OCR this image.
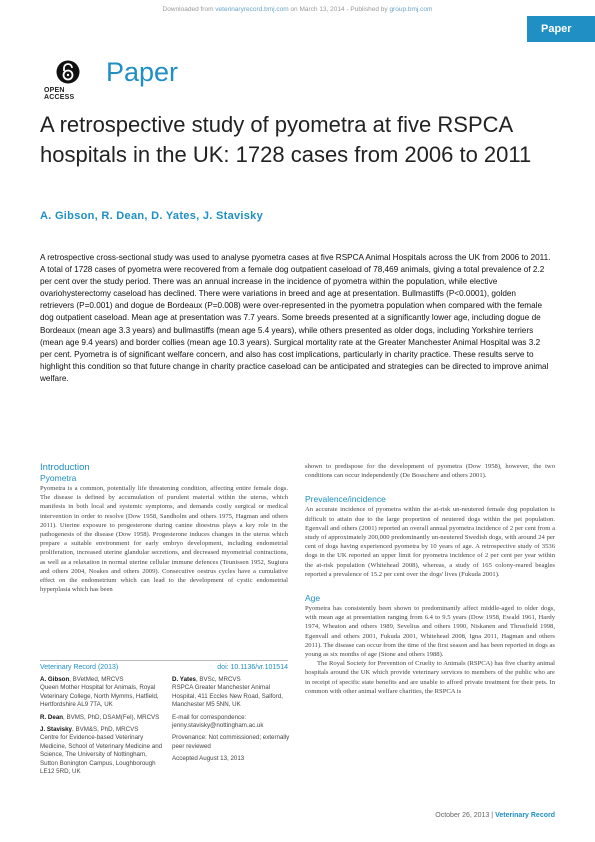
Downloaded from veterinaryrecord.bmj.com on March 13, 2014 - Published by group.bmj.com
Paper
OPEN ACCESS
Paper
A retrospective study of pyometra at five RSPCA hospitals in the UK: 1728 cases from 2006 to 2011
A. Gibson, R. Dean, D. Yates, J. Stavisky
A retrospective cross-sectional study was used to analyse pyometra cases at five RSPCA Animal Hospitals across the UK from 2006 to 2011. A total of 1728 cases of pyometra were recovered from a female dog outpatient caseload of 78,469 animals, giving a total prevalence of 2.2 per cent over the study period. There was an annual increase in the incidence of pyometra within the population, while elective ovariohysterectomy caseload has declined. There were variations in breed and age at presentation. Bullmastiffs (P<0.0001), golden retrievers (P=0.001) and dogue de Bordeaux (P=0.008) were over-represented in the pyometra population when compared with the female dog outpatient caseload. Mean age at presentation was 7.7 years. Some breeds presented at a significantly lower age, including dogue de Bordeaux (mean age 3.3 years) and bullmastiffs (mean age 5.4 years), while others presented as older dogs, including Yorkshire terriers (mean age 9.4 years) and border collies (mean age 10.3 years). Surgical mortality rate at the Greater Manchester Animal Hospital was 3.2 per cent. Pyometra is of significant welfare concern, and also has cost implications, particularly in charity practice. These results serve to highlight this condition so that future change in charity practice caseload can be anticipated and strategies can be directed to improve animal welfare.
Introduction
Pyometra

Pyometra is a common, potentially life threatening condition, affecting entire female dogs. The disease is defined by accumulation of purulent material within the uterus, which manifests in both local and systemic symptoms, and demands costly surgical or medical intervention in order to resolve (Dow 1958, Sandholm and others 1975, Hagman and others 2011). Uterine exposure to progesterone during canine dioestrus plays a key role in the pathogenesis of the disease (Dow 1958). Progesterone induces changes in the uterus which prepare a suitable environment for early embryo development, including endometrial proliferation, increased uterine glandular secretions, and decreased myometrial contractions, as well as a relaxation in normal uterine cellular immune defences (Teunissen 1952, Sugiura and others 2004, Noakes and others 2009). Consecutive oestrus cycles have a cumulative effect on the endometrium which can lead to the development of cystic endometrial hyperplasia which has been

shown to predispose for the development of pyometra (Dow 1958), however, the two conditions can occur independently (De Bosschere and others 2001).

Prevalence/incidence

An accurate incidence of pyometra within the at-risk un-neutered female dog population is difficult to attain due to the large proportion of neutered dogs within the pet population. Egenvall and others (2001) reported an overall annual pyometra incidence of 2 per cent from a study of approximately 200,000 predominantly un-neutered Swedish dogs, with around 24 per cent of dogs having experienced pyometra by 10 years of age. A retrospective study of 3536 dogs in the UK reported an upper limit for pyometra incidence of 2 per cent per year within the at-risk population (Whitehead 2008), whereas, a study of 165 colony-reared beagles reported a prevalence of 15.2 per cent over the dogs' lives (Fukuda 2001).

Age

Pyometra has consistently been shown to predominantly affect middle-aged to older dogs, with mean age at presentation ranging from 6.4 to 9.5 years (Dow 1958, Ewald 1961, Hardy 1974, Wheaton and others 1989, Sevelius and others 1990, Niskanen and Thrusfield 1998, Egenvall and others 2001, Fukuda 2001, Whitehead 2008, Igna 2011, Hagman and others 2011). The disease can occur from the time of the first season and has been reported in dogs as young as six months of age (Stone and others 1988).

The Royal Society for Prevention of Cruelty to Animals (RSPCA) has five charity animal hospitals around the UK which provide veterinary services to members of the public who are in receipt of specific state benefits and are unable to afford private treatment for their pets. In common with other animal welfare charities, the RSPCA is

Veterinary Record (2013)	doi: 10.1136/vr.101514

A. Gibson, BVetMed, MRCVS
Queen Mother Hospital for Animals, Royal Veterinary College, North Mymms, Hatfield, Hertfordshire AL9 7TA, UK

R. Dean, BVMS, PhD, DSAM(Fel), MRCVS

J. Stavisky, BVM&S, PhD, MRCVS
Centre for Evidence-based Veterinary Medicine, School of Veterinary Medicine and Science, The University of Nottingham, Sutton Bonington Campus, Loughborough LE12 5RD, UK

D. Yates, BVSc, MRCVS
RSPCA Greater Manchester Animal Hospital, 411 Eccles New Road, Salford, Manchester M5 5NN, UK

E-mail for correspondence:
jenny.stavisky@nottingham.ac.uk

Provenance: Not commissioned; externally peer reviewed

Accepted August 13, 2013

October 26, 2013 | Veterinary Record
